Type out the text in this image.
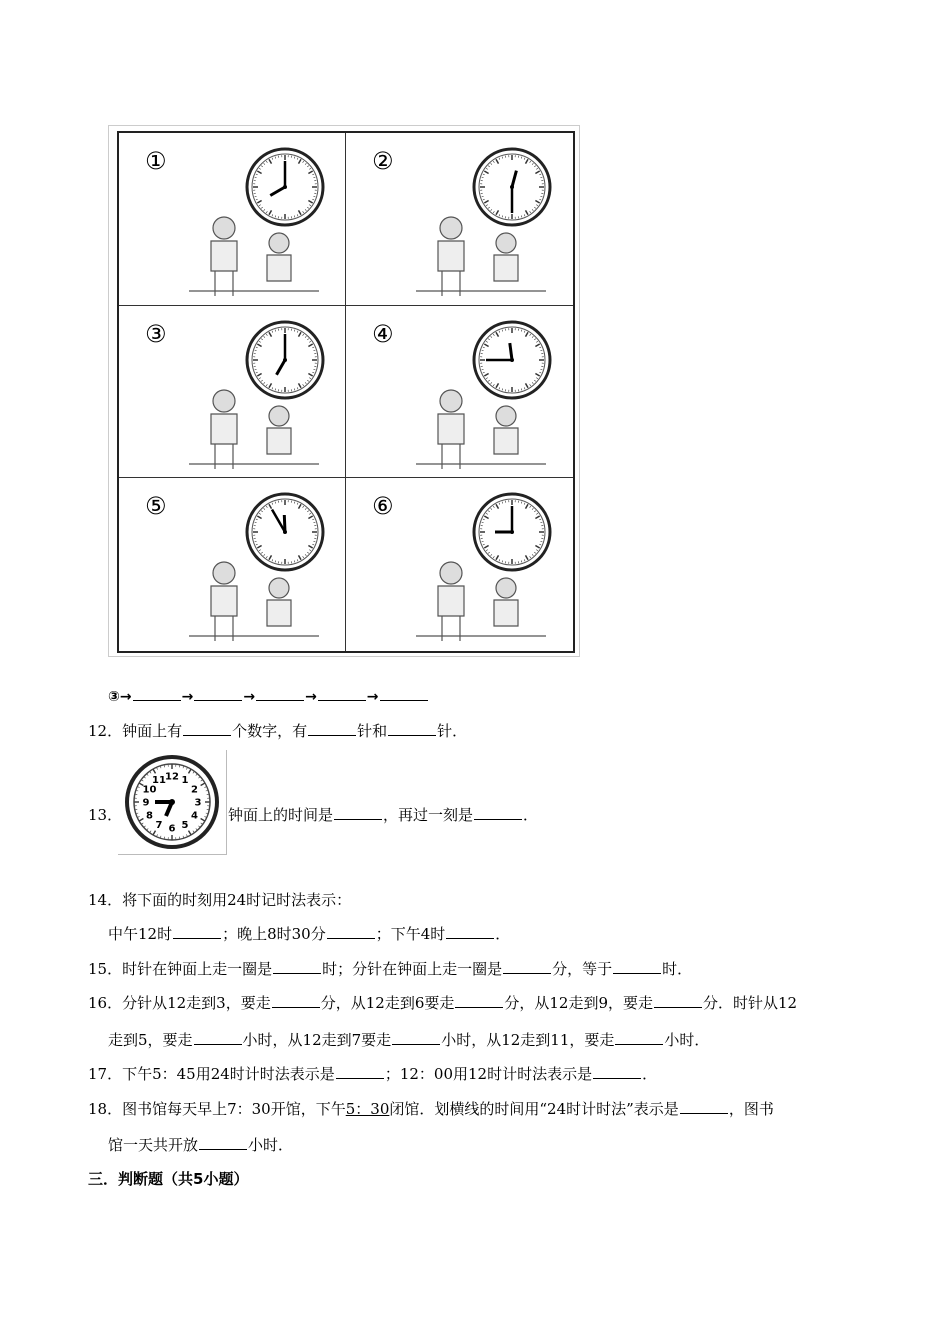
①	②
③	④
⑤	⑥
③→	→	→	→	→
12．钟面上有	个数字，有	针和	针．
13．
12 1
2
3
4
5
6
7
8
9
10
11
钟面上的时间是	，再过一刻是	．
14．将下面的时刻用24时记时法表示：
中午12时	；晚上8时30分	；下午4时	．
15．时针在钟面上走一圈是	时；分针在钟面上走一圈是	分，等于	时．
16．分针从12走到3，要走	分，从12走到6要走	分，从12走到9，要走	分．时针从12
走到5，要走	小时，从12走到7要走	小时，从12走到11，要走	小时．
17．下午5：45用24时计时法表示是	；12：00用12时计时法表示是	．
18．图书馆每天早上7：30开馆，下午5：30闭馆．划横线的时间用“24时计时法”表示是	，图书
馆一天共开放	小时．
三．判断题（共5小题）
